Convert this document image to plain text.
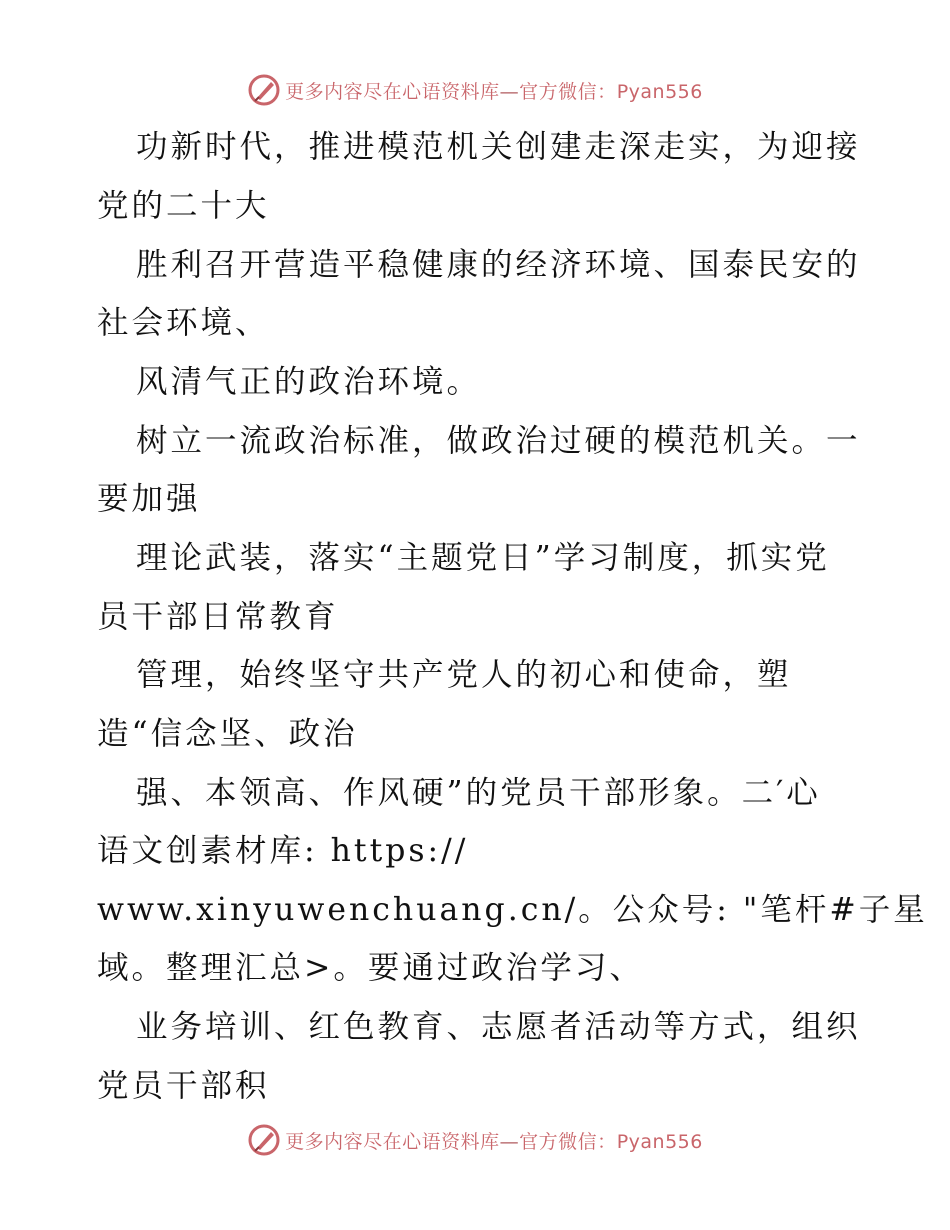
更多内容尽在心语资料库—官方微信：Pyan556
功新时代，推进模范机关创建走深走实，为迎接
党的二十大
胜利召开营造平稳健康的经济环境、国泰民安的
社会环境、
风清气正的政治环境。
树立一流政治标准，做政治过硬的模范机关。一
要加强
理论武装，落实“主题党日”学习制度，抓实党
员干部日常教育
管理，始终坚守共产党人的初心和使命，塑
造“信念坚、政治
强、本领高、作风硬”的党员干部形象。二′心
语文创素材库: https://
www.xinyuwenchuang.cn/。公众号: "笔杆#子星
域。整理汇总>。要通过政治学习、
业务培训、红色教育、志愿者活动等方式，组织
党员干部积
更多内容尽在心语资料库—官方微信：Pyan556
